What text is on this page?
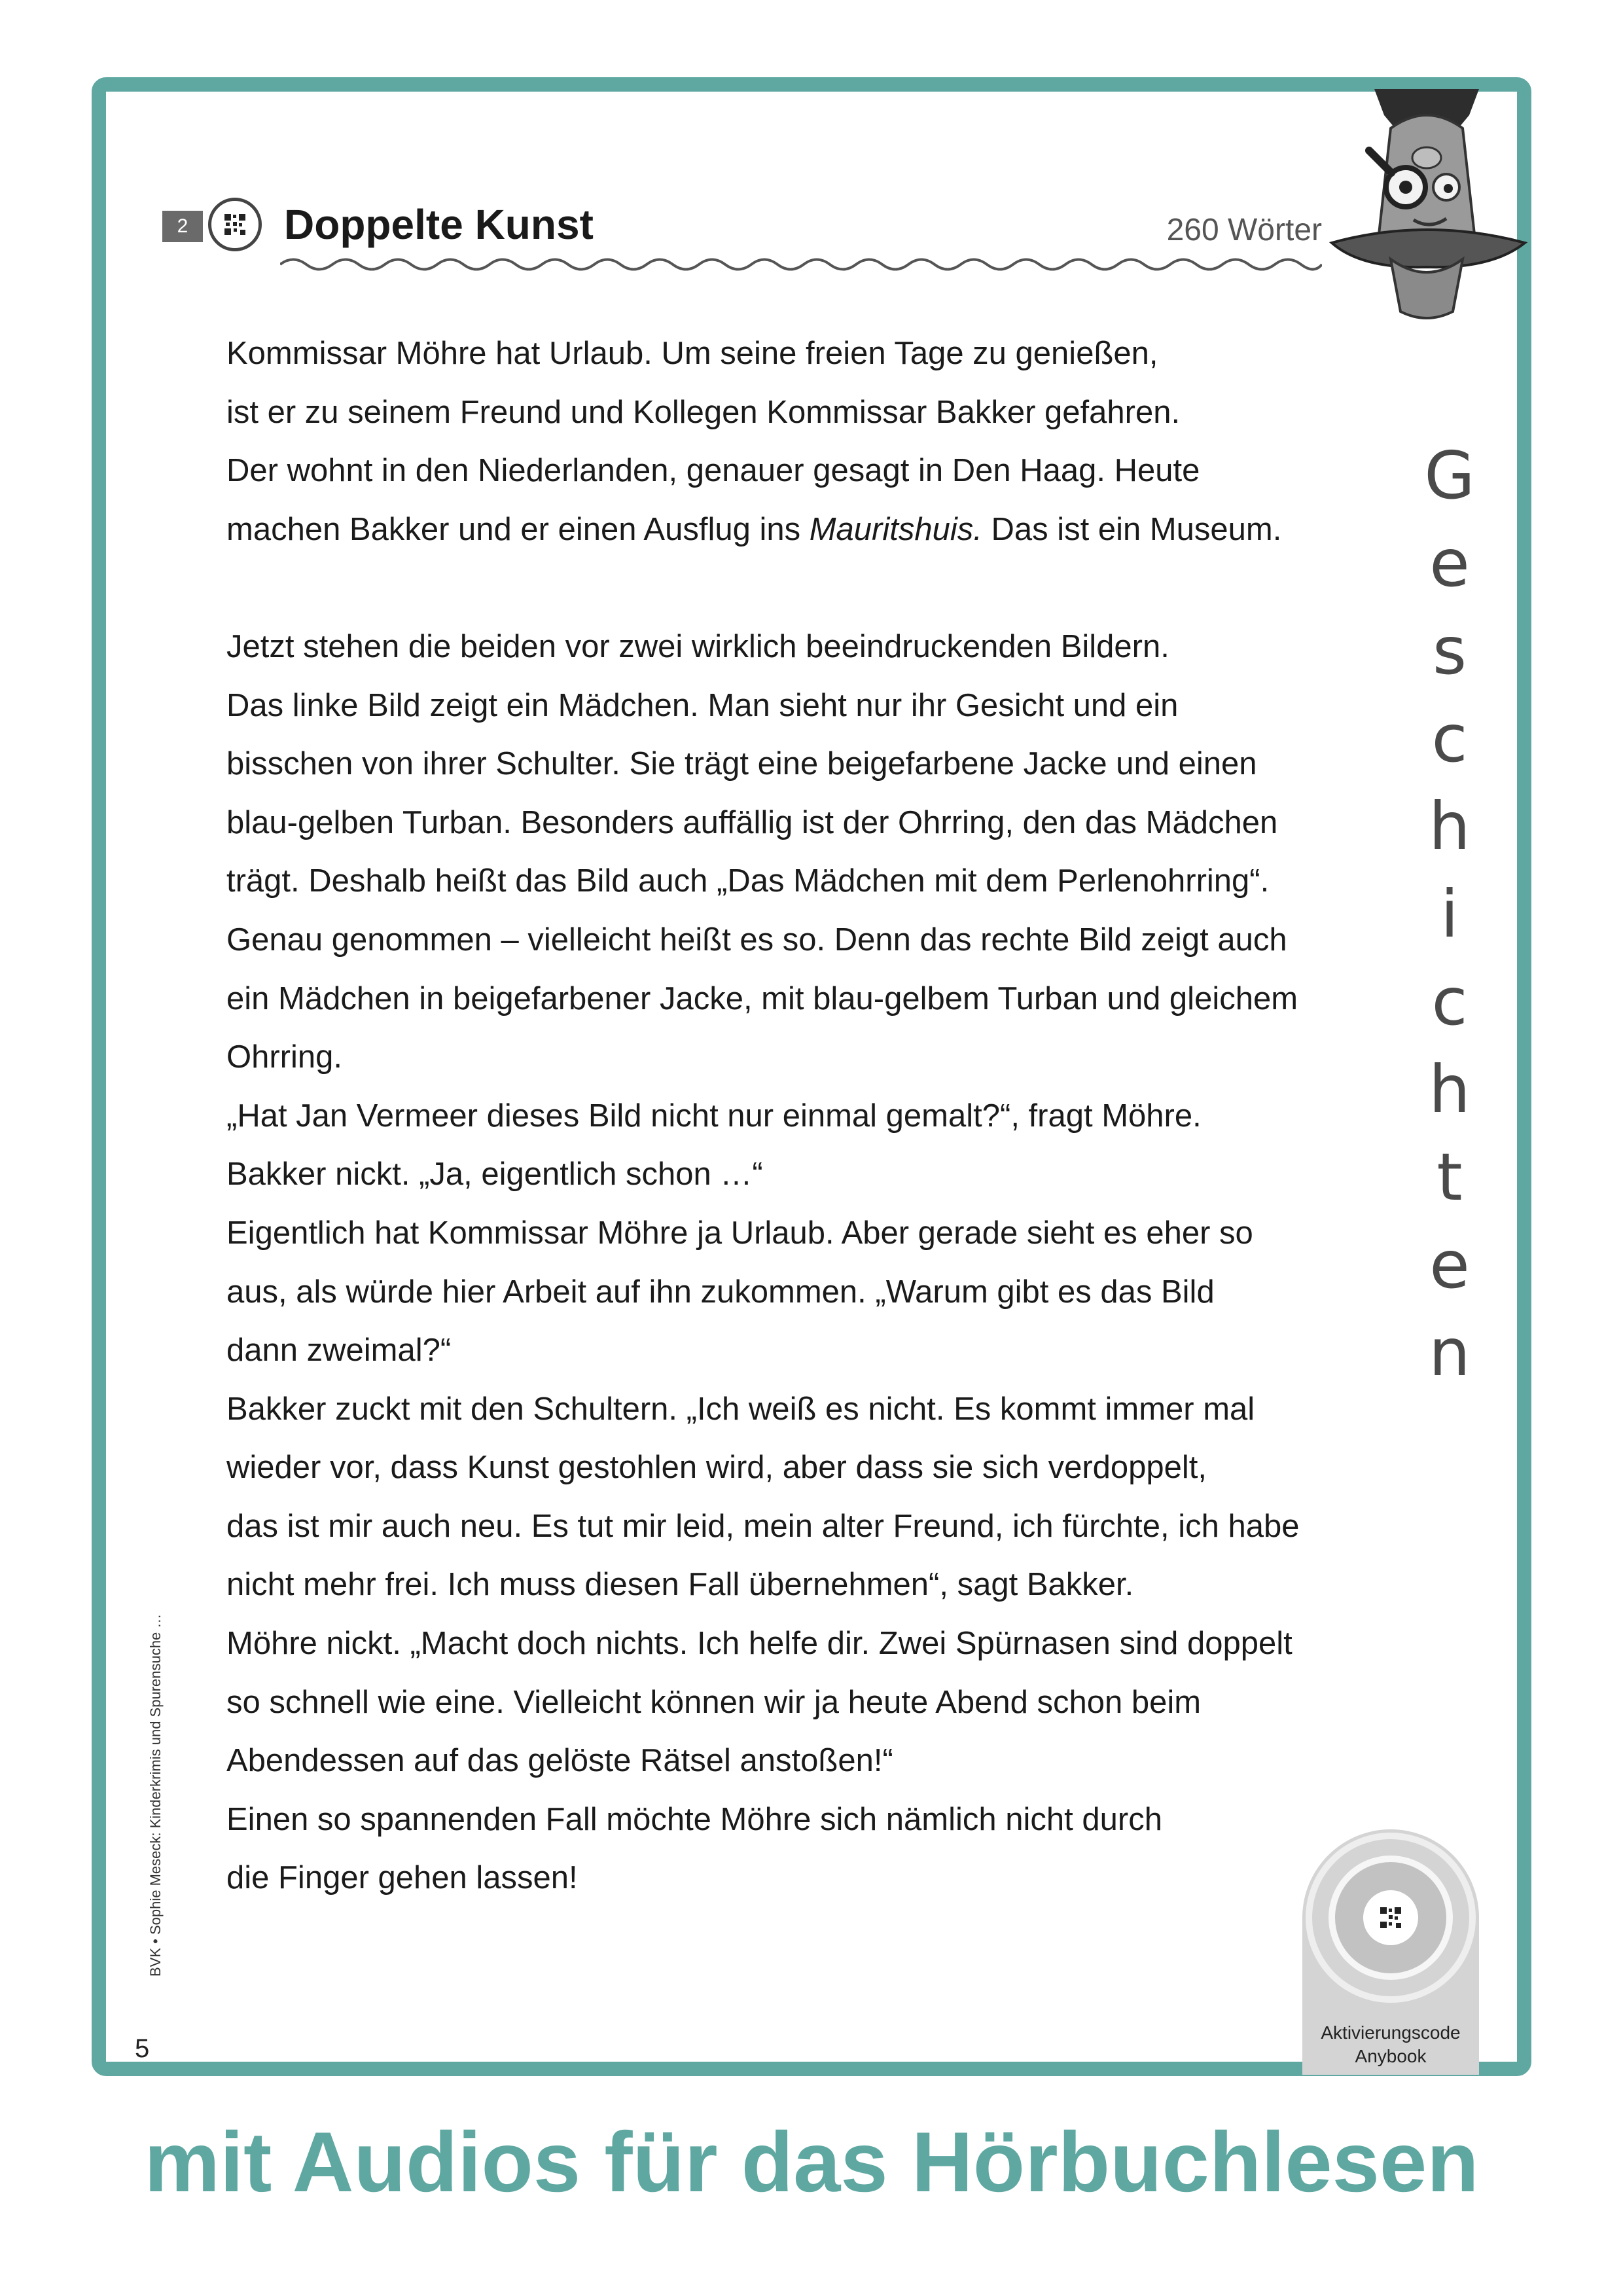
2	Doppelte Kunst	260 Wörter
G
e
s
c
h
i
c
h
t
e
n

Kommissar Möhre hat Urlaub. Um seine freien Tage zu genießen,

ist er zu seinem Freund und Kollegen Kommissar Bakker gefahren.

Der wohnt in den Niederlanden, genauer gesagt in Den Haag. Heute

machen Bakker und er einen Ausflug ins Mauritshuis. Das ist ein Museum.

Jetzt stehen die beiden vor zwei wirklich beeindruckenden Bildern.

Das linke Bild zeigt ein Mädchen. Man sieht nur ihr Gesicht und ein

bisschen von ihrer Schulter. Sie trägt eine beigefarbene Jacke und einen

blau-gelben Turban. Besonders auffällig ist der Ohrring, den das Mädchen

trägt. Deshalb heißt das Bild auch „Das Mädchen mit dem Perlenohrring“.

Genau genommen – vielleicht heißt es so. Denn das rechte Bild zeigt auch

ein Mädchen in beigefarbener Jacke, mit blau-gelbem Turban und gleichem

Ohrring.

„Hat Jan Vermeer dieses Bild nicht nur einmal gemalt?“, fragt Möhre.

Bakker nickt. „Ja, eigentlich schon …“

Eigentlich hat Kommissar Möhre ja Urlaub. Aber gerade sieht es eher so

aus, als würde hier Arbeit auf ihn zukommen. „Warum gibt es das Bild

dann zweimal?“

Bakker zuckt mit den Schultern. „Ich weiß es nicht. Es kommt immer mal

wieder vor, dass Kunst gestohlen wird, aber dass sie sich verdoppelt,

das ist mir auch neu. Es tut mir leid, mein alter Freund, ich fürchte, ich habe

nicht mehr frei. Ich muss diesen Fall übernehmen“, sagt Bakker.

Möhre nickt. „Macht doch nichts. Ich helfe dir. Zwei Spürnasen sind doppelt

so schnell wie eine. Vielleicht können wir ja heute Abend schon beim

Abendessen auf das gelöste Rätsel anstoßen!“

Einen so spannenden Fall möchte Möhre sich nämlich nicht durch

die Finger gehen lassen!

BVK • Sophie Meseck: Kinderkrimis und Spurensuche …
5
Aktivierungscode
Anybook
mit Audios für das Hörbuchlesen
